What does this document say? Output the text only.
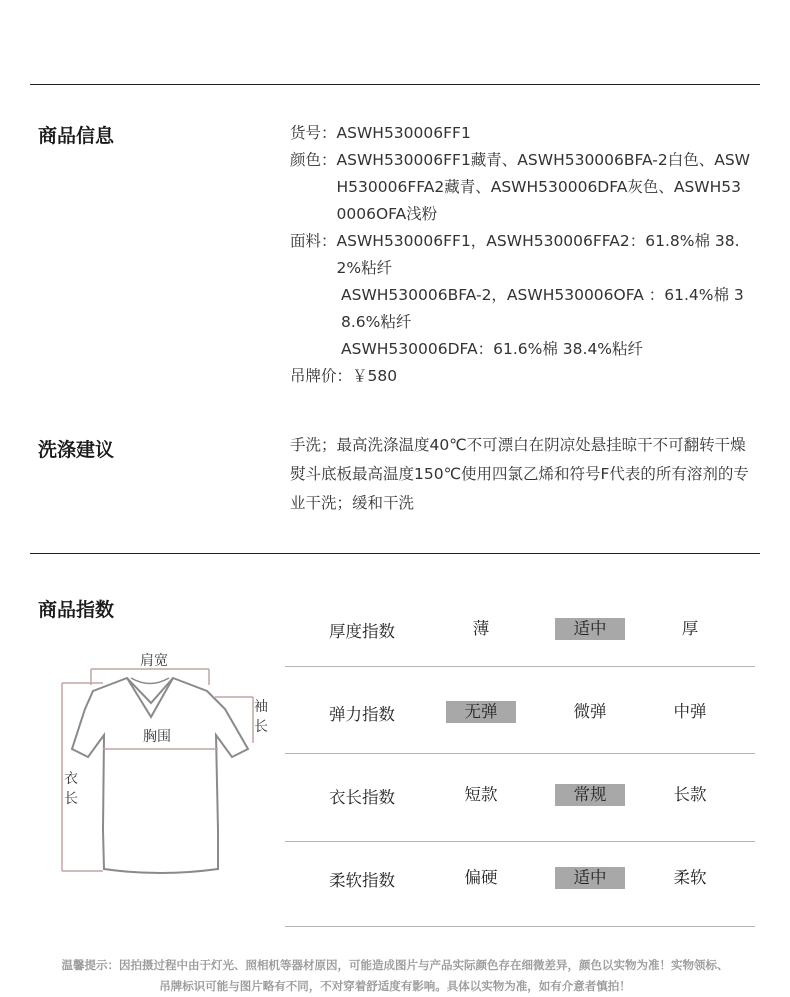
商品信息	货号： ASWH530006FF1
颜色： ASWH530006FF1藏青、ASWH530006BFA-2白色、ASWH530006FFA2藏青、ASWH530006DFA灰色、ASWH530006OFA浅粉
面料： ASWH530006FF1，ASWH530006FFA2：61.8%棉 38.2%粘纤
ASWH530006BFA-2，ASWH530006OFA ：61.4%棉 38.6%粘纤
ASWH530006DFA：61.6%棉 38.4%粘纤
吊牌价： ￥580
洗涤建议	手洗；最高洗涤温度40℃不可漂白在阴凉处悬挂晾干不可翻转干燥熨斗底板最高温度150℃使用四氯乙烯和符号F代表的所有溶剂的专业干洗；缓和干洗
商品指数
肩宽
胸围
袖
长
衣
长
厚度指数	薄	适中	厚
弹力指数	无弹	微弹	中弹
衣长指数	短款	常规	长款
柔软指数	偏硬	适中	柔软
温馨提示：因拍摄过程中由于灯光、照相机等器材原因，可能造成图片与产品实际颜色存在细微差异，颜色以实物为准！实物领标、
吊牌标识可能与图片略有不同，不对穿着舒适度有影响。具体以实物为准，如有介意者慎拍！
